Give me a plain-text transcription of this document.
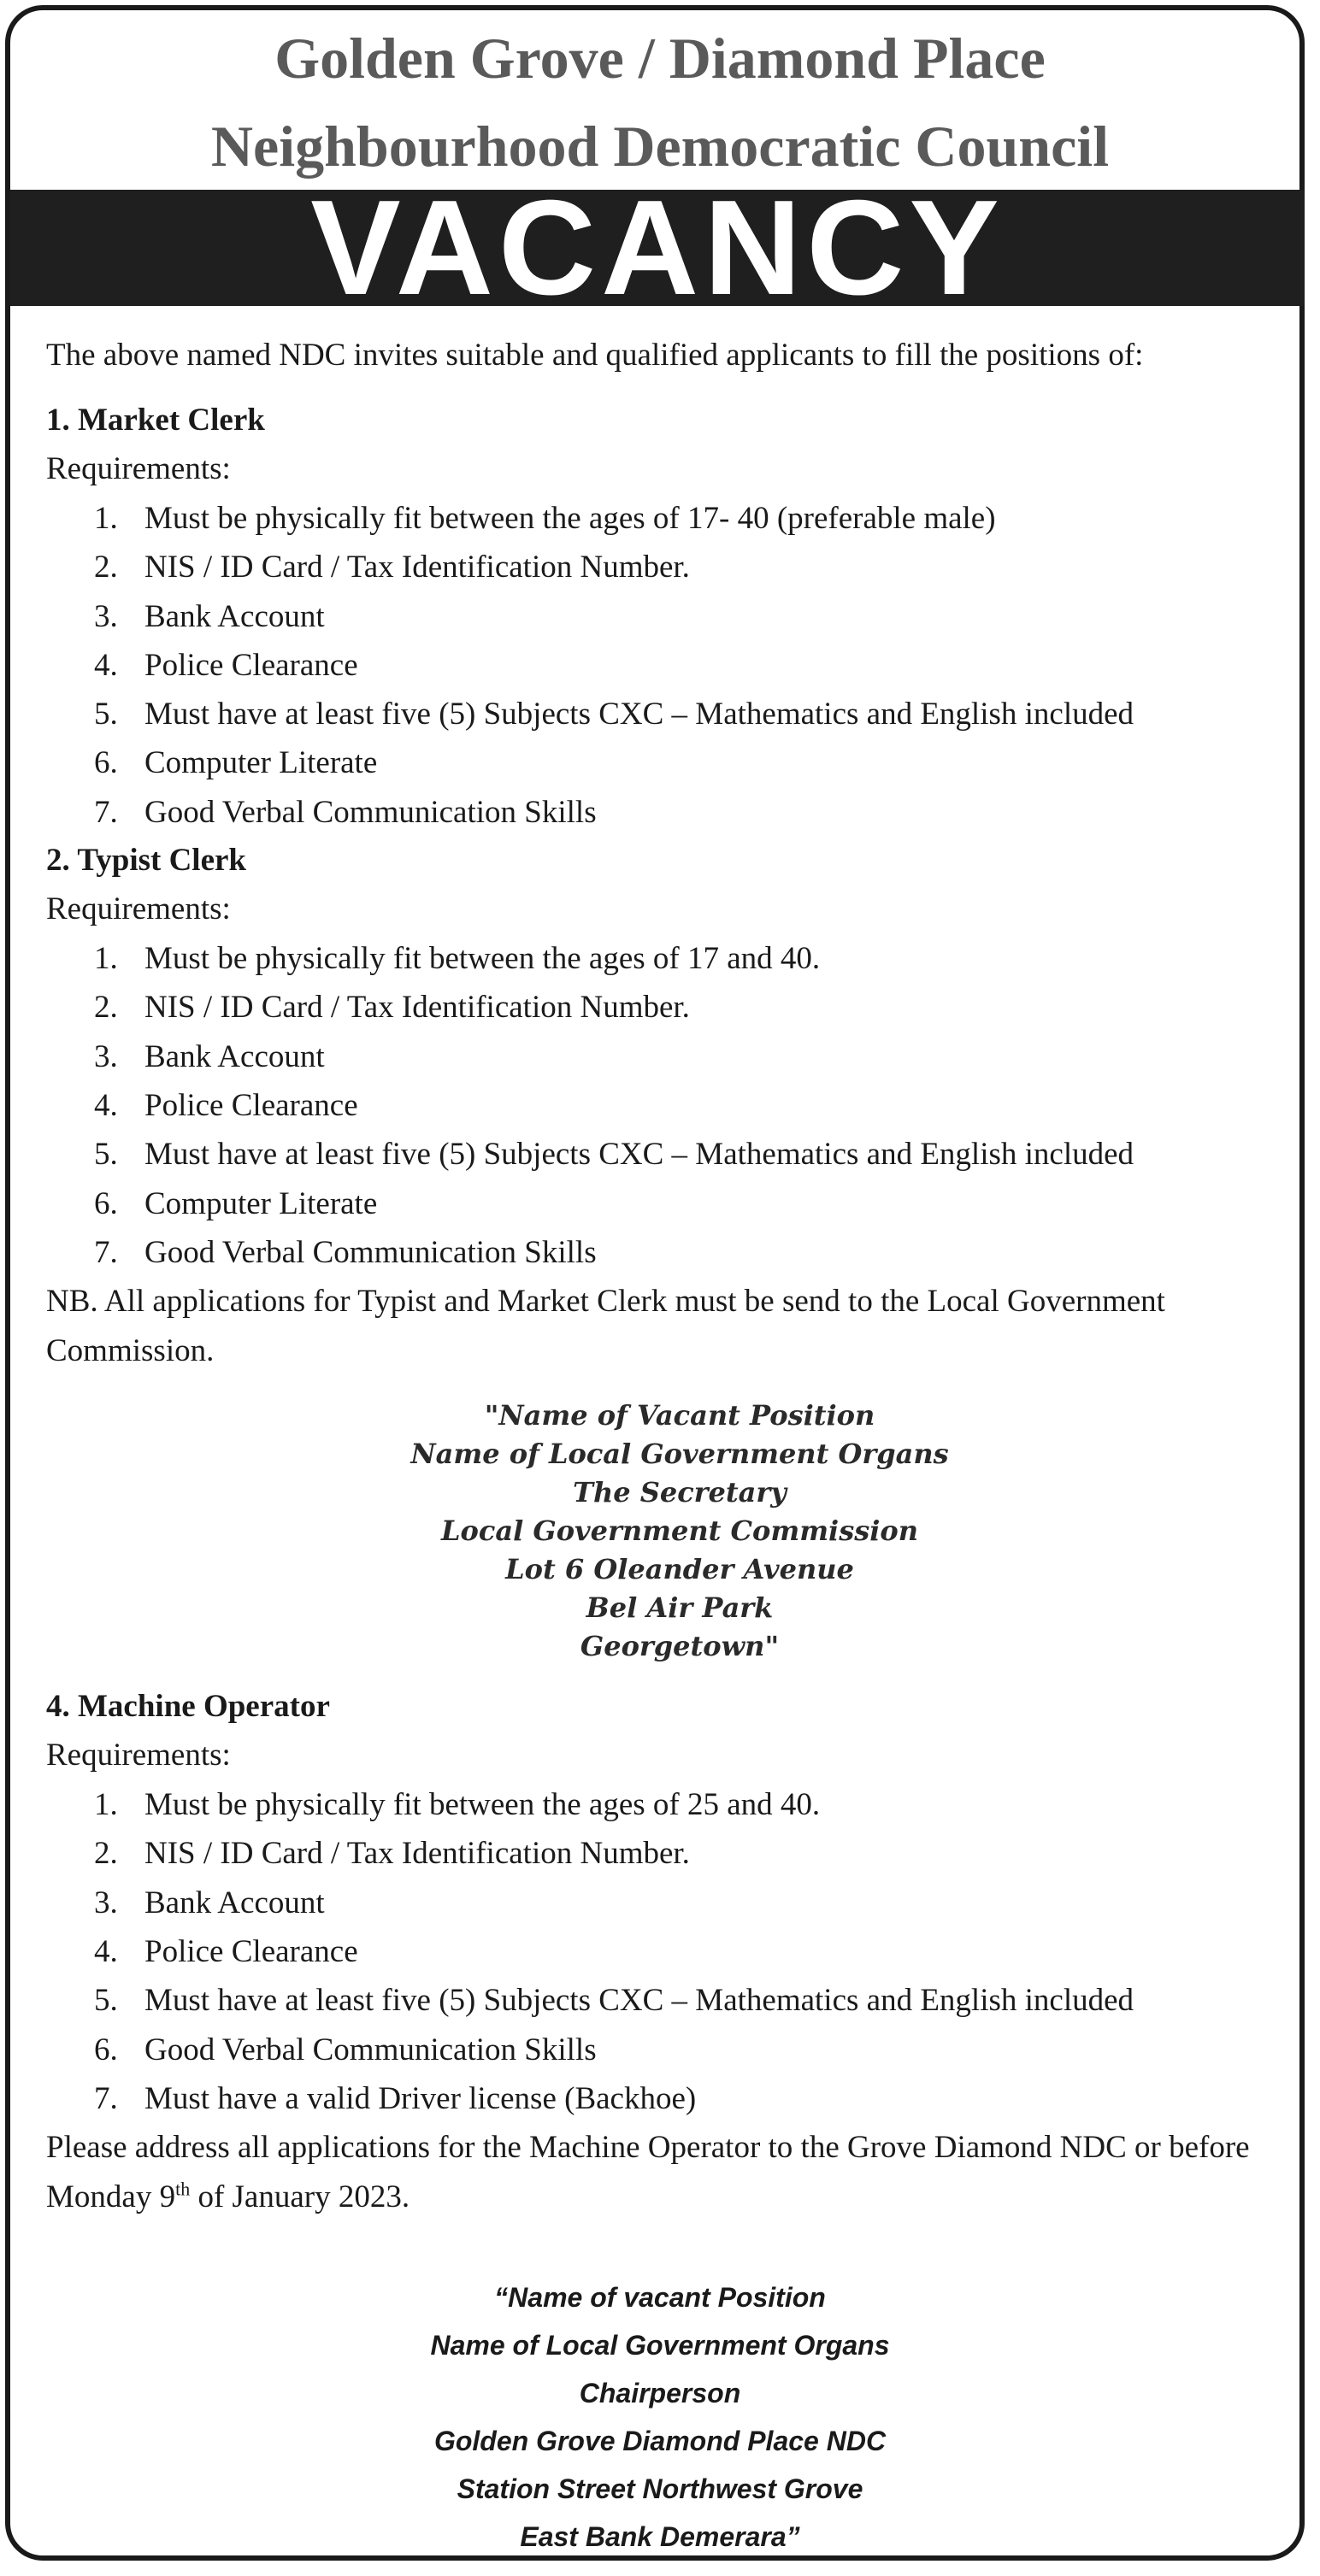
Golden Grove / Diamond Place
Neighbourhood Democratic Council
VACANCY

The above named NDC invites suitable and qualified applicants to fill the positions of:

1. Market Clerk

Requirements:

1. Must be physically fit between the ages of 17- 40 (preferable male)
2. NIS / ID Card / Tax Identification Number.
3. Bank Account
4. Police Clearance
5. Must have at least five (5) Subjects CXC – Mathematics and English included
6. Computer Literate
7. Good Verbal Communication Skills

2. Typist Clerk

Requirements:

1. Must be physically fit between the ages of 17 and 40.
2. NIS / ID Card / Tax Identification Number.
3. Bank Account
4. Police Clearance
5. Must have at least five (5) Subjects CXC – Mathematics and English included
6. Computer Literate
7. Good Verbal Communication Skills

NB. All applications for Typist and Market Clerk must be send to the Local Government Commission.

"Name of Vacant Position
Name of Local Government Organs
The Secretary
Local Government Commission
Lot 6 Oleander Avenue
Bel Air Park
Georgetown"

4. Machine Operator

Requirements:

1. Must be physically fit between the ages of 25 and 40.
2. NIS / ID Card / Tax Identification Number.
3. Bank Account
4. Police Clearance
5. Must have at least five (5) Subjects CXC – Mathematics and English included
6. Good Verbal Communication Skills
7. Must have a valid Driver license (Backhoe)

Please address all applications for the Machine Operator to the Grove Diamond NDC or before Monday 9th of January 2023.

“Name of vacant Position
Name of Local Government Organs
Chairperson
Golden Grove Diamond Place NDC
Station Street Northwest Grove
East Bank Demerara”
